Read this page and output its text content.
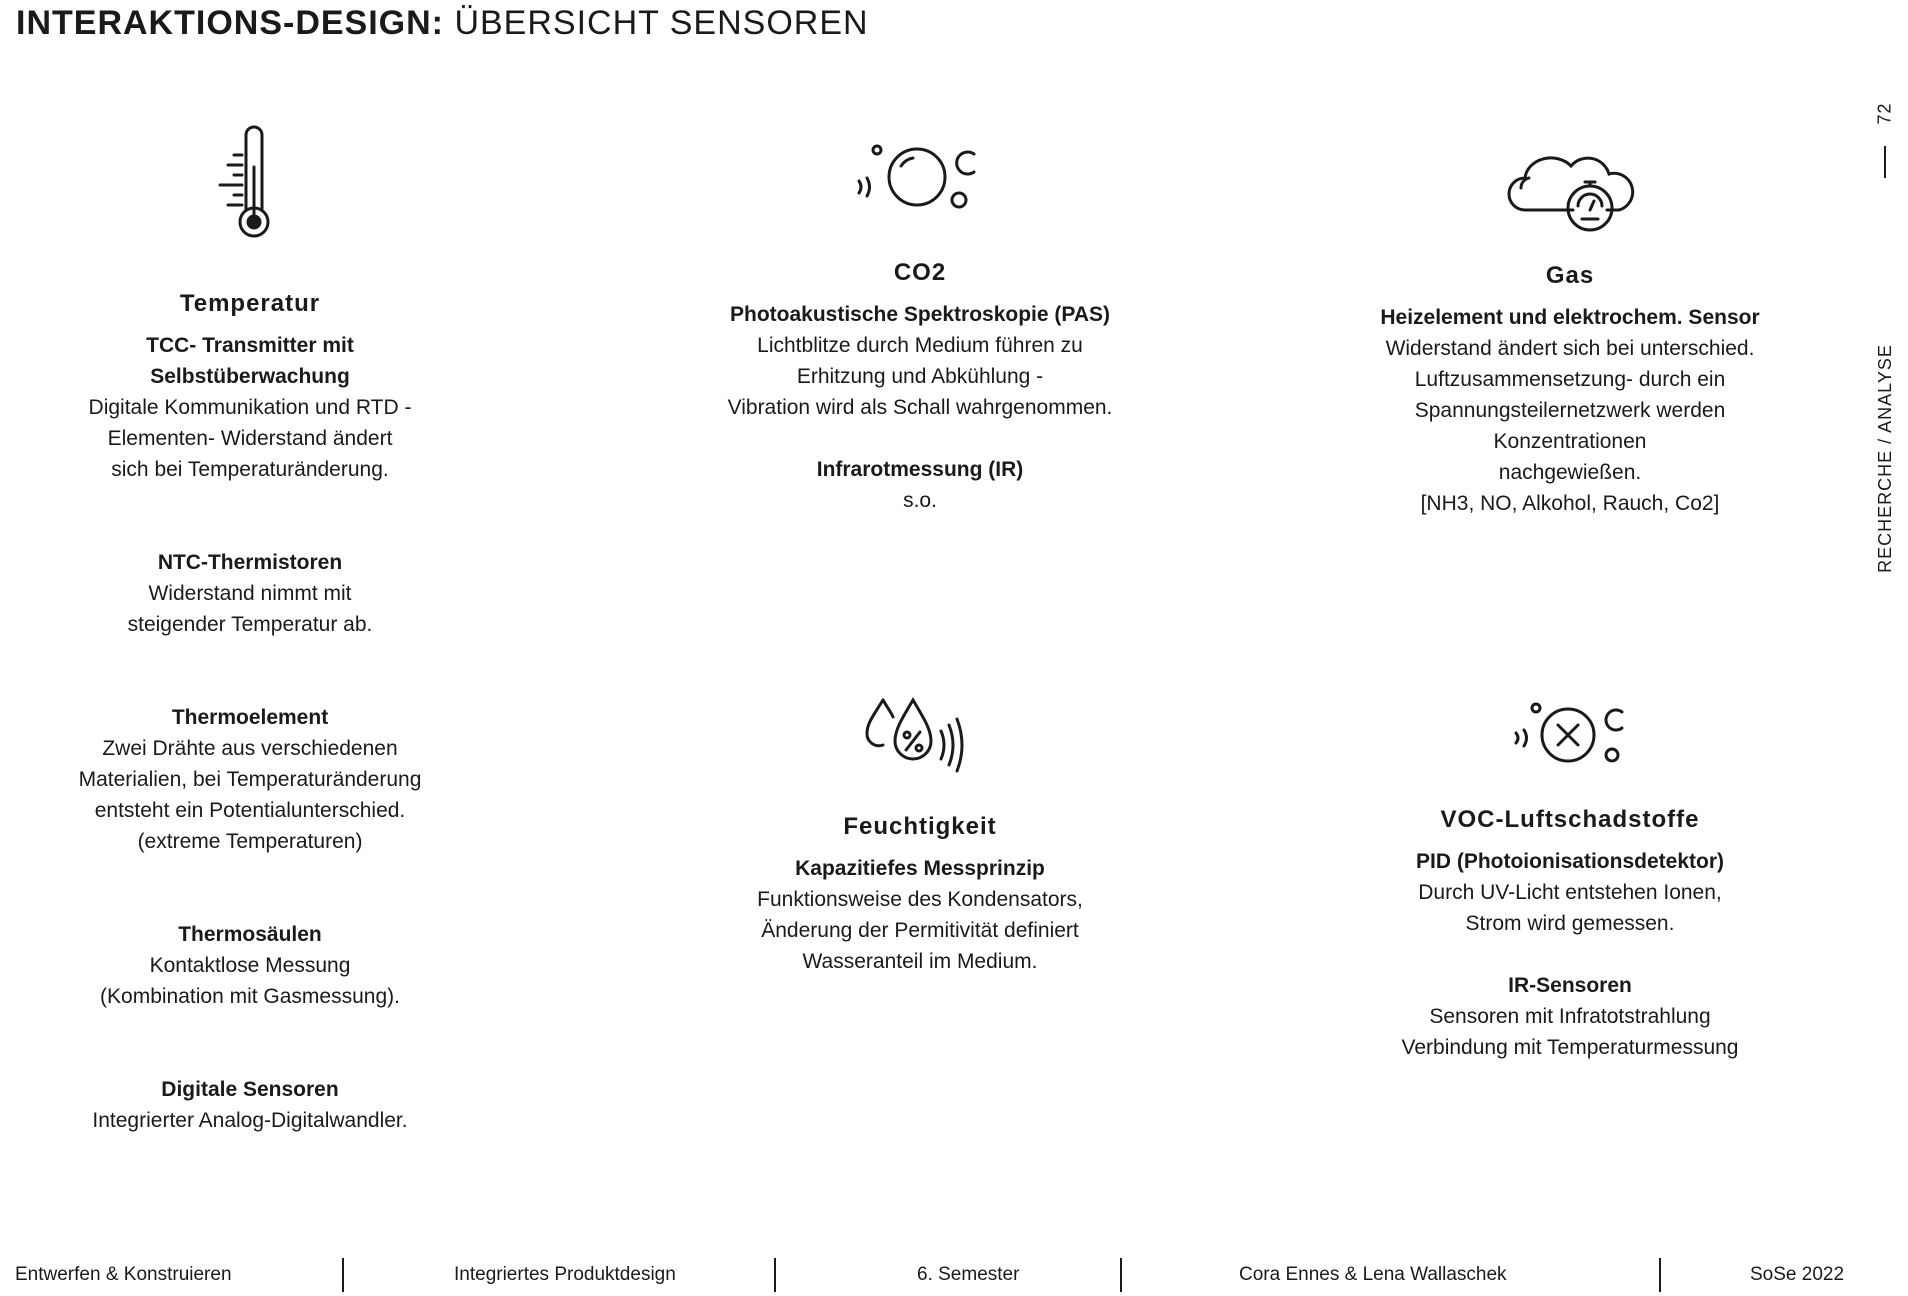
INTERAKTIONS-DESIGN: ÜBERSICHT SENSOREN
Temperatur
TCC- Transmitter mit
Selbstüberwachung
Digitale Kommunikation und RTD -
Elementen- Widerstand ändert
sich bei Temperaturänderung.
NTC-Thermistoren
Widerstand nimmt mit
steigender Temperatur ab.
Thermoelement
Zwei Drähte aus verschiedenen
Materialien, bei Temperaturänderung
entsteht ein Potentialunterschied.
(extreme Temperaturen)
Thermosäulen
Kontaktlose Messung
(Kombination mit Gasmessung).
Digitale Sensoren
Integrierter Analog-Digitalwandler.
CO2
Photoakustische Spektroskopie (PAS)
Lichtblitze durch Medium führen zu
Erhitzung und Abkühlung -
Vibration wird als Schall wahrgenommen.
Infrarotmessung (IR)
s.o.
Gas
Heizelement und elektrochem. Sensor
Widerstand ändert sich bei unterschied.
Luftzusammensetzung- durch ein
Spannungsteilernetzwerk werden
Konzentrationen
nachgewießen.
[NH3, NO, Alkohol, Rauch, Co2]
Feuchtigkeit
Kapazitiefes Messprinzip
Funktionsweise des Kondensators,
Änderung der Permitivität definiert
Wasseranteil im Medium.
VOC-Luftschadstoffe
PID (Photoionisationsdetektor)
Durch UV-Licht entstehen Ionen,
Strom wird gemessen.
IR-Sensoren
Sensoren mit Infratotstrahlung
Verbindung mit Temperaturmessung
72
RECHERCHE / ANALYSE
Entwerfen & Konstruieren	Integriertes Produktdesign	6. Semester	Cora Ennes & Lena Wallaschek	SoSe 2022
